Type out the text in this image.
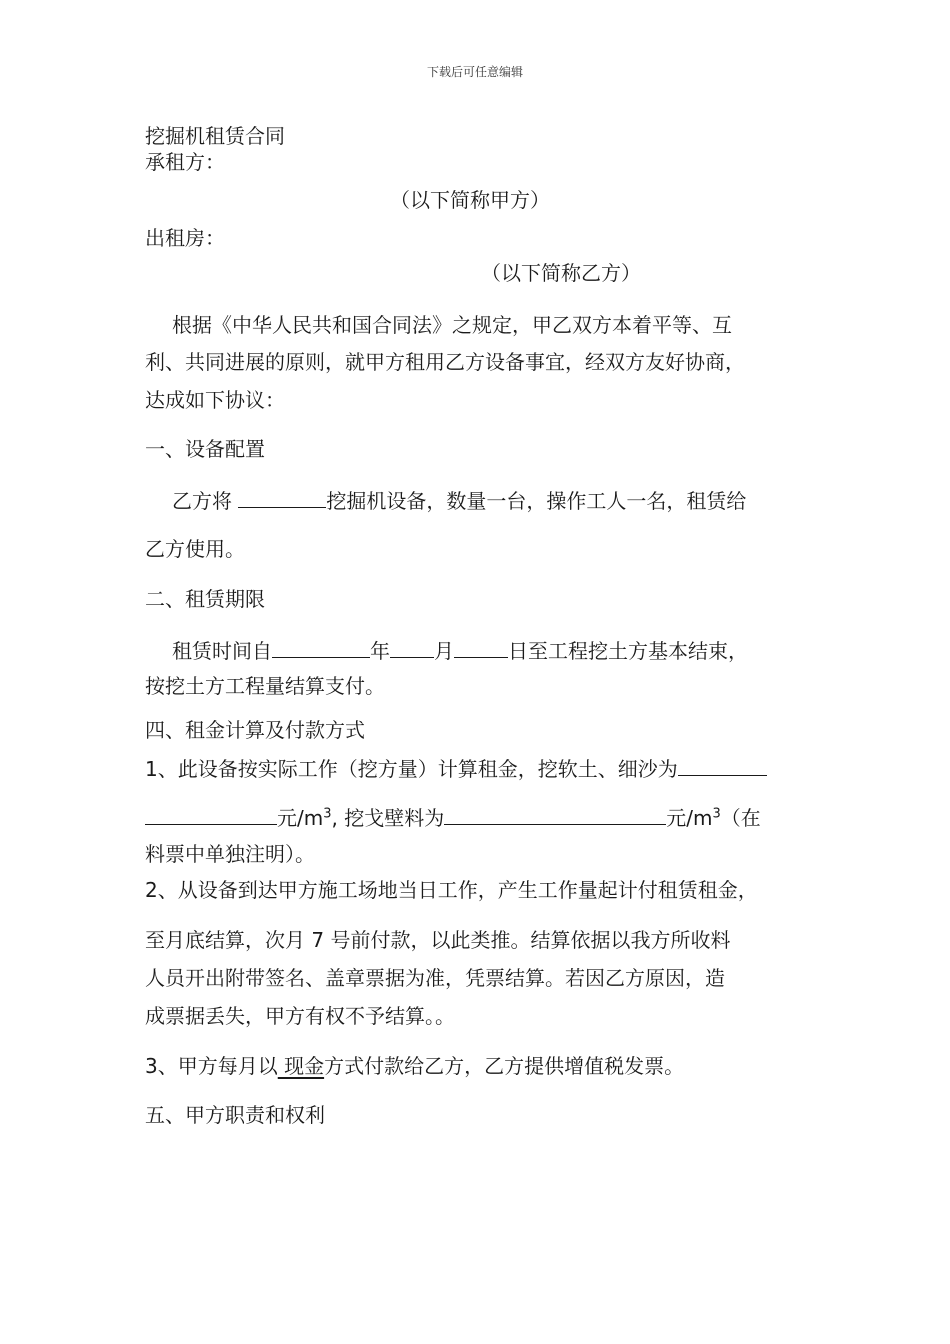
下载后可任意编辑
挖掘机租赁合同
承租方：
（以下简称甲方）
出租房：
（以下简称乙方）
根据《中华人民共和国合同法》之规定，甲乙双方本着平等、互
利、共同进展的原则，就甲方租用乙方设备事宜，经双方友好协商，
达成如下协议：
一、设备配置
乙方将	挖掘机设备，数量一台，操作工人一名，租赁给
乙方使用。
二、租赁期限
租赁时间自	年 月	日至工程挖土方基本结束，
按挖土方工程量结算支付。
四、租金计算及付款方式
1、此设备按实际工作（挖方量）计算租金，挖软土、细沙为
元$/m^3$, 挖戈壁料为	元$/m^3$（在
料票中单独注明）。
2、从设备到达甲方施工场地当日工作，产生工作量起计付租赁租金，
至月底结算，次月 7 号前付款，以此类推。结算依据以我方所收料
人员开出附带签名、盖章票据为准，凭票结算。若因乙方原因，造
成票据丢失，甲方有权不予结算。。
3、甲方每月以 现金方式付款给乙方，乙方提供增值税发票。
五、甲方职责和权利
